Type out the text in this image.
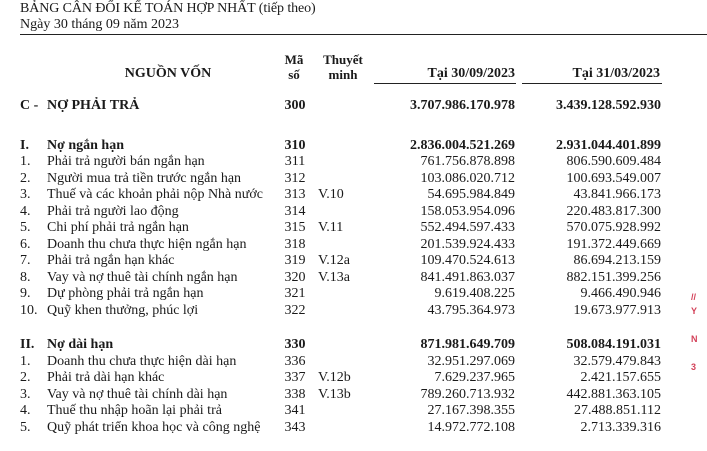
BẢNG CÂN ĐỐI KẾ TOÁN HỢP NHẤT (tiếp theo)
Ngày 30 tháng 09 năm 2023
NGUỒN VỐN
Mã
số
Thuyết
minh	Tại 30/09/2023	Tại 31/03/2023
C - NỢ PHẢI TRẢ	300	3.707.986.170.978	3.439.128.592.930
I.	Nợ ngắn hạn	310	2.836.004.521.269	2.931.044.401.899
1.	Phải trả người bán ngắn hạn	311	761.756.878.898	806.590.609.484
2.	Người mua trả tiền trước ngắn hạn	312	103.086.020.712	100.693.549.007
3.	Thuế và các khoản phải nộp Nhà nước	313 V.10	54.695.984.849	43.841.966.173
4.	Phải trả người lao động	314	158.053.954.096	220.483.817.300
5.	Chi phí phải trả ngắn hạn	315 V.11	552.494.597.433	570.075.928.992
6.	Doanh thu chưa thực hiện ngắn hạn	318	201.539.924.433	191.372.449.669
7.	Phải trả ngắn hạn khác	319 V.12a	109.470.524.613	86.694.213.159
8.	Vay và nợ thuê tài chính ngắn hạn	320 V.13a	841.491.863.037	882.151.399.256
9.	Dự phòng phải trả ngắn hạn	321	9.619.408.225	9.466.490.946
10. Quỹ khen thưởng, phúc lợi	322	43.795.364.973	19.673.977.913
II. Nợ dài hạn	330	871.981.649.709	508.084.191.031
1.	Doanh thu chưa thực hiện dài hạn	336	32.951.297.069	32.579.479.843
2.	Phải trả dài hạn khác	337 V.12b	7.629.237.965	2.421.157.655
3.	Vay và nợ thuê tài chính dài hạn	338 V.13b	789.260.713.932	442.881.363.105
4.	Thuế thu nhập hoãn lại phải trả	341	27.167.398.355	27.488.851.112
5.	Quỹ phát triển khoa học và công nghệ	343	14.972.772.108	2.713.339.316
//
Y
N
3
